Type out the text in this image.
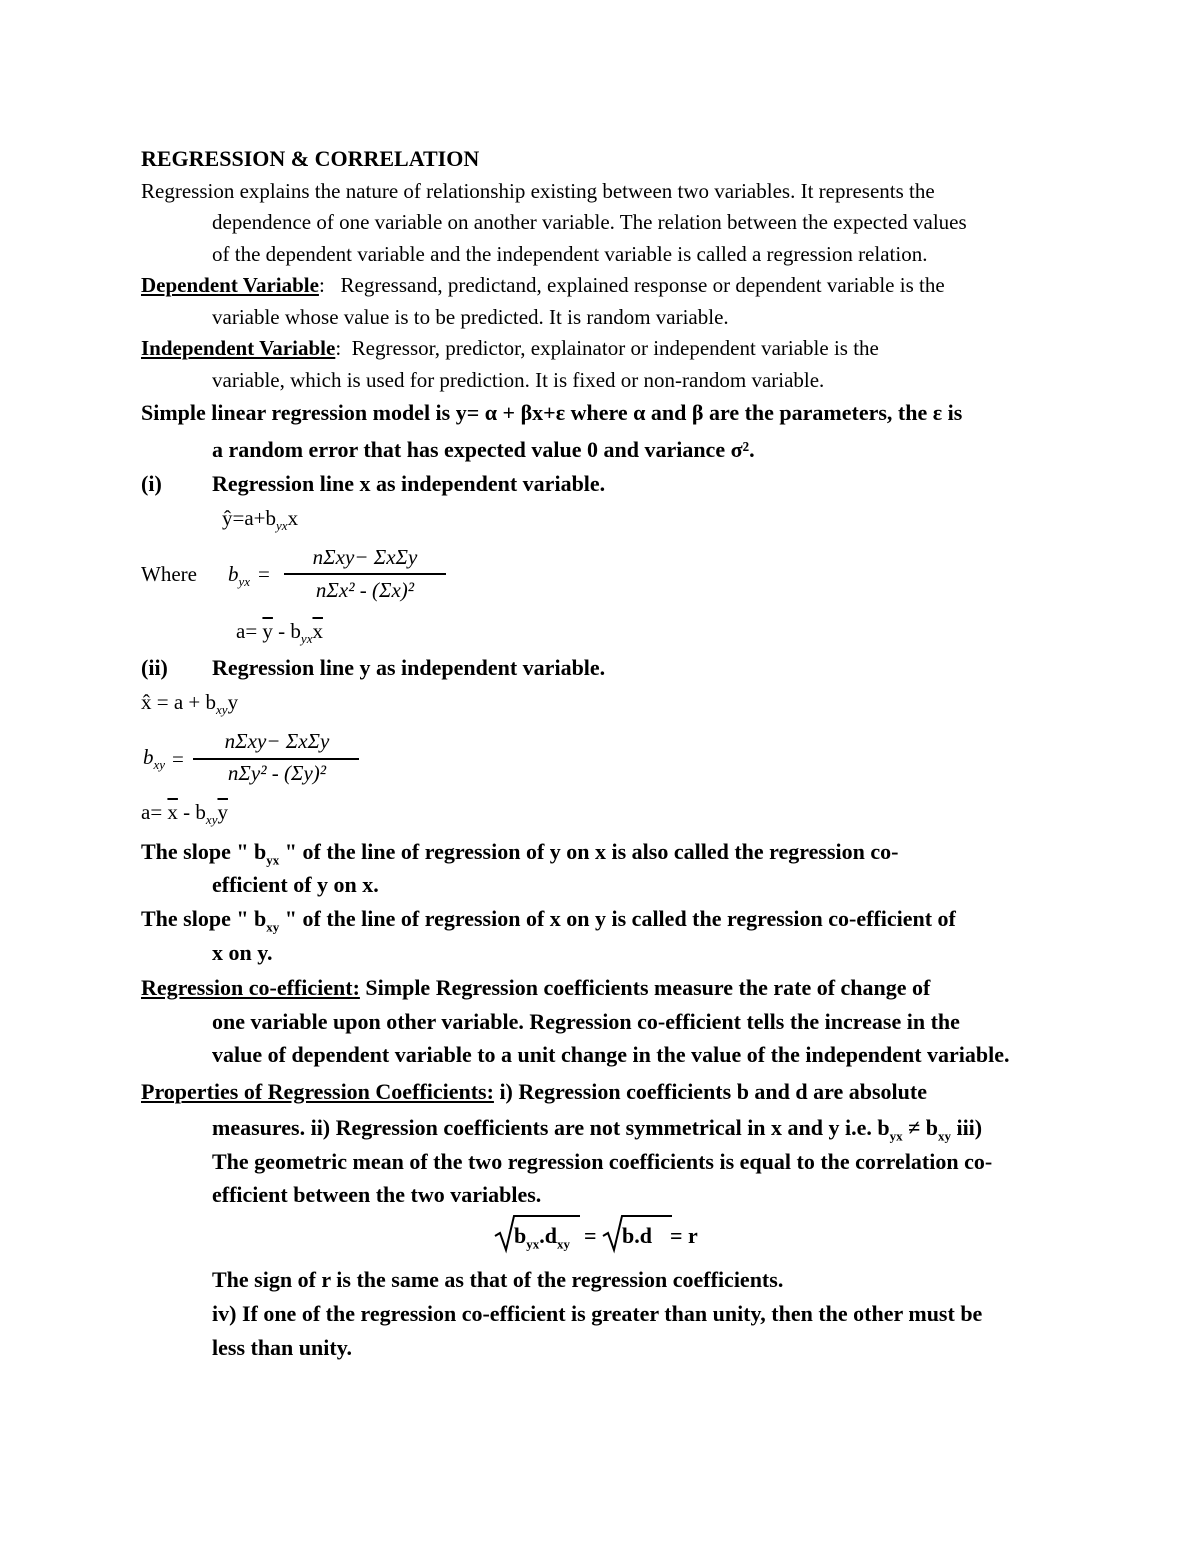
REGRESSION & CORRELATION
Regression explains the nature of relationship existing between two variables. It represents the
dependence of one variable on another variable. The relation between the expected values
of the dependent variable and the independent variable is called a regression relation.
Dependent Variable: Regressand, predictand, explained response or dependent variable is the
variable whose value is to be predicted. It is random variable.
Independent Variable: Regressor, predictor, explainator or independent variable is the
variable, which is used for prediction. It is fixed or non-random variable.
Simple linear regression model is y= α + βx+ε where α and β are the parameters, the ε is
a random error that has expected value 0 and variance σ².
(i) Regression line x as independent variable.
$ŷ=a+b_{yx}x$
Where $b_{yx}$ =
nΣxy− ΣxΣy
nΣx² - (Σx)²
$a= \overline{y} - b_{yx}\overline{x}$
(ii) Regression line y as independent variable.
x̂ = $a + b_{xy}y$
$b_{xy}$ =
nΣxy− ΣxΣy
nΣy² - (Σy)²
$a= \overline{x} - b_{xy}\overline{y}$
The slope " $b_{yx}$ " of the line of regression of y on x is also called the regression co-
efficient of y on x.
The slope " $b_{xy}$ " of the line of regression of x on y is called the regression co-efficient of
x on y.
Regression co-efficient: Simple Regression coefficients measure the rate of change of
one variable upon other variable. Regression co-efficient tells the increase in the
value of dependent variable to a unit change in the value of the independent variable.
Properties of Regression Coefficients: i) Regression coefficients b and d are absolute
measures. ii) Regression coefficients are not symmetrical in x and y i.e. $b_{yx} \ne b_{xy}$ iii)
The geometric mean of the two regression coefficients is equal to the correlation co-
efficient between the two variables.
$b_{yx}.d_{xy} = b.d = r$
The sign of r is the same as that of the regression coefficients.
iv) If one of the regression co-efficient is greater than unity, then the other must be
less than unity.
